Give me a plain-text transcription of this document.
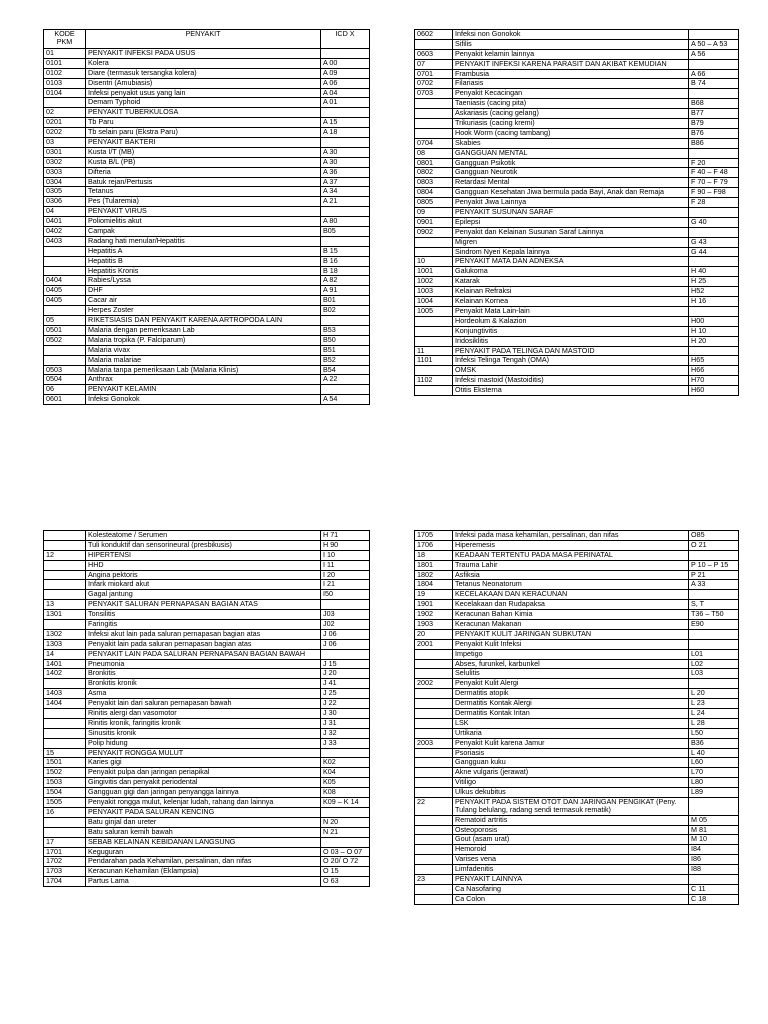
KODE PKM	PENYAKIT	ICD X
01	PENYAKIT INFEKSI PADA USUS	
0101	Kolera	A 00
0102	Diare (termasuk tersangka kolera)	A 09
0103	Disentri (Amubiasis)	A 06
0104	Infeksi penyakit usus yang lain	A 04
	Demam Typhoid	A 01
02	PENYAKIT TUBERKULOSA	
0201	Tb Paru	A 15
0202	Tb selain paru (Ekstra Paru)	A 18
03	PENYAKIT BAKTERI	
0301	Kusta I/T (MB)	A 30
0302	Kusta B/L (PB)	A 30
0303	Difteria	A 36
0304	Batuk rejan/Pertusis	A 37
0305	Tetanus	A 34
0306	Pes (Tularemia)	A 21
04	PENYAKIT VIRUS	
0401	Poliomielitis akut	A 80
0402	Campak	B05
0403	Radang hati menular/Hepatitis	
	Hepatitis A	B 15
	Hepatitis B	B 16
	Hepatitis Kronis	B 18
0404	Rabies/Lyssa	A 82
0405	DHF	A 91
0405	Cacar air	B01
	Herpes Zoster	B02
05	RIKETSIASIS DAN PENYAKIT KARENA ARTROPODA LAIN	
0501	Malaria dengan pemeriksaan Lab	B53
0502	Malaria tropika (P. Falciparum)	B50
	Malaria vivax	B51
	Malaria malariae	B52
0503	Malaria tanpa pemeriksaan Lab (Malaria Klinis)	B54
0504	Anthrax	A 22
06	PENYAKIT KELAMIN	
0601	Infeksi Gonokok	A 54
0602	Infeksi non Gonokok	
	Sifilis	A 50 – A 53
0603	Penyakit kelamin lainnya	A 56
07	PENYAKIT INFEKSI KARENA PARASIT DAN AKIBAT KEMUDIAN	
0701	Frambusia	A 66
0702	Filariasis	B 74
0703	Penyakit Kecacingan	
	Taeniasis (cacing pita)	B68
	Askariasis (cacing gelang)	B77
	Trikuriasis (cacing kremi)	B79
	Hook Worm (cacing tambang)	B76
0704	Skabies	B86
08	GANGGUAN MENTAL	
0801	Gangguan Psikotik	F 20
0802	Gangguan Neurotik	F 40 – F 48
0803	Retardasi Mental	F 70 – F 79
0804	Gangguan Kesehatan Jiwa bermula pada Bayi, Anak dan Remaja	F 90 – F98
0805	Penyakit Jiwa Lainnya	F 28
09	PENYAKIT SUSUNAN SARAF	
0901	Epilepsi	G 40
0902	Penyakit dan Kelainan Susunan Saraf Lainnya	
	Migren	G 43
	Sindrom Nyeri Kepala lainnya	G 44
10	PENYAKIT MATA DAN ADNEKSA	
1001	Galukoma	H 40
1002	Katarak	H 25
1003	Kelainan Refraksi	H52
1004	Kelainan Kornea	H 16
1005	Penyakit Mata Lain-lain	
	Hordeolum & Kalazion	H00
	Konjungtivitis	H 10
	Iridosiklitis	H 20
11	PENYAKIT PADA TELINGA DAN MASTOID	
1101	Infeksi Telinga Tengah (OMA)	H65
	OMSK	H66
1102	Infeksi mastoid (Mastoiditis)	H70
	Otitis Eksterna	H60
	Kolesteatome / Serumen	H 71
	Tuli konduktif dan sensorineural (presbikusis)	H 90
12	HIPERTENSI	I 10
	HHD	I 11
	Angina pektoris	I 20
	Infark miokard akut	I 21
	Gagal jantung	I50
13	PENYAKIT SALURAN PERNAPASAN BAGIAN ATAS	
1301	Tonsilitis	J03
	Faringitis	J02
1302	Infeksi akut lain pada saluran pernapasan bagian atas	J 06
1303	Penyakit lain pada saluran pernapasan bagian atas	J 06
14	PENYAKIT LAIN PADA SALURAN PERNAPASAN BAGIAN BAWAH	
1401	Pneumonia	J 15
1402	Bronkitis	J 20
	Bronkitis kronik	J 41
1403	Asma	J 25
1404	Penyakit lain dari saluran pernapasan bawah	J 22
	Rinitis alergi dan vasomotor	J 30
	Rinitis kronik, faringitis kronik	J 31
	Sinusitis kronik	J 32
	Polip hidung	J 33
15	PENYAKIT RONGGA MULUT	
1501	Karies gigi	K02
1502	Penyakit pulpa dan jaringan periapikal	K04
1503	Gingivitis dan penyakit periodental	K05
1504	Gangguan gigi dan jaringan penyangga lainnya	K08
1505	Penyakit rongga mulut, kelenjar ludah, rahang dan lainnya	K09 – K 14
16	PENYAKIT PADA SALURAN KENCING	
	Batu ginjal dan ureter	N 20
	Batu saluran kemih bawah	N 21
17	SEBAB KELAINAN KEBIDANAN LANGSUNG	
1701	Keguguran	O 03 – O 07
1702	Pendarahan pada Kehamilan, persalinan, dan nifas	O 20/ O 72
1703	Keracunan Kehamilan (Eklampsia)	O 15
1704	Partus Lama	O 63
1705	Infeksi pada masa kehamilan, persalinan, dan nifas	O85
1706	Hiperemesis	O 21
18	KEADAAN TERTENTU PADA MASA PERINATAL	
1801	Trauma Lahir	P 10 – P 15
1802	Asfiksia	P 21
1804	Tetanus Neonatorum	A 33
19	KECELAKAAN DAN KERACUNAN	
1901	Kecelakaan dan Rudapaksa	S, T
1902	Keracunan Bahan Kimia	T36 – T50
1903	Keracunan Makanan	E90
20	PENYAKIT KULIT JARINGAN SUBKUTAN	
2001	Penyakit Kulit Infeksi	
	Impetigo	L01
	Abses, furunkel, karbunkel	L02
	Selulitis	L03
2002	Penyakit Kulit Alergi	
	Dermatitis atopik	L 20
	Dermatitis Kontak Alergi	L 23
	Dermatitis Kontak Iritan	L 24
	LSK	L 28
	Urtikaria	L50
2003	Penyakit Kulit karena Jamur	B36
	Psoriasis	L 40
	Gangguan kuku	L60
	Akne vulgaris (jerawat)	L70
	Vitiligo	L80
	Ulkus dekubitus	L89
22	PENYAKIT PADA SISTEM OTOT DAN JARINGAN PENGIKAT (Peny. Tulang belulang, radang sendi termasuk rematik)	
	Rematoid artritis	M 05
	Osteoporosis	M 81
	Gout (asam urat)	M 10
	Hemoroid	I84
	Varises vena	I86
	Limfadenitis	I88
23	PENYAKIT LAINNYA	
	Ca Nasofaring	C 11
	Ca Colon	C 18
